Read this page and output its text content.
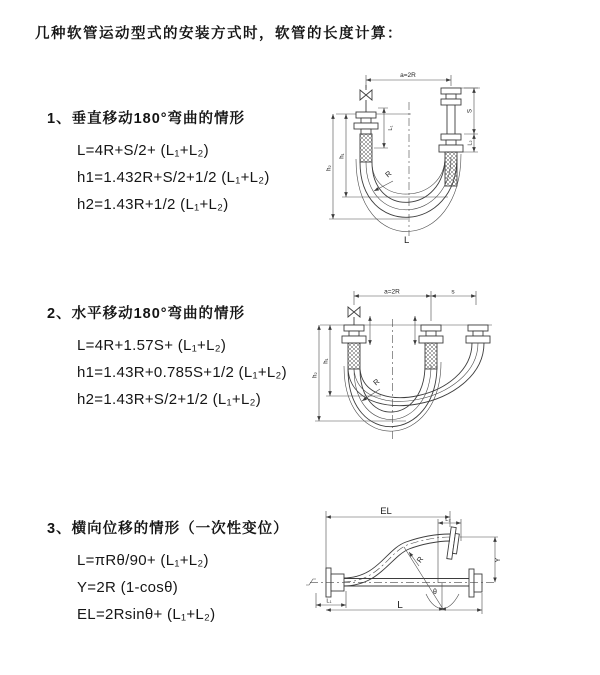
几种软管运动型式的安装方式时，软管的长度计算：
1、垂直移动180°弯曲的情形
L=4R+S/2+ (L₁+L₂)
h1=1.432R+S/2+1/2 (L₁+L₂)
h2=1.43R+1/2 (L₁+L₂)
2、水平移动180°弯曲的情形
L=4R+1.57S+ (L₁+L₂)
h1=1.43R+0.785S+1/2 (L₁+L₂)
h2=1.43R+S/2+1/2 (L₁+L₂)
3、横向位移的情形（一次性变位）
L=πRθ/90+ (L₁+L₂)
Y=2R (1-cosθ)
EL=2Rsinθ+ (L₁+L₂)
a=2R
L₁
S
L₂
h₁
h₂
R
L
a=2R	s
h₁
h₂
R
EL
L₂
R
θ
Y
L₁	L
